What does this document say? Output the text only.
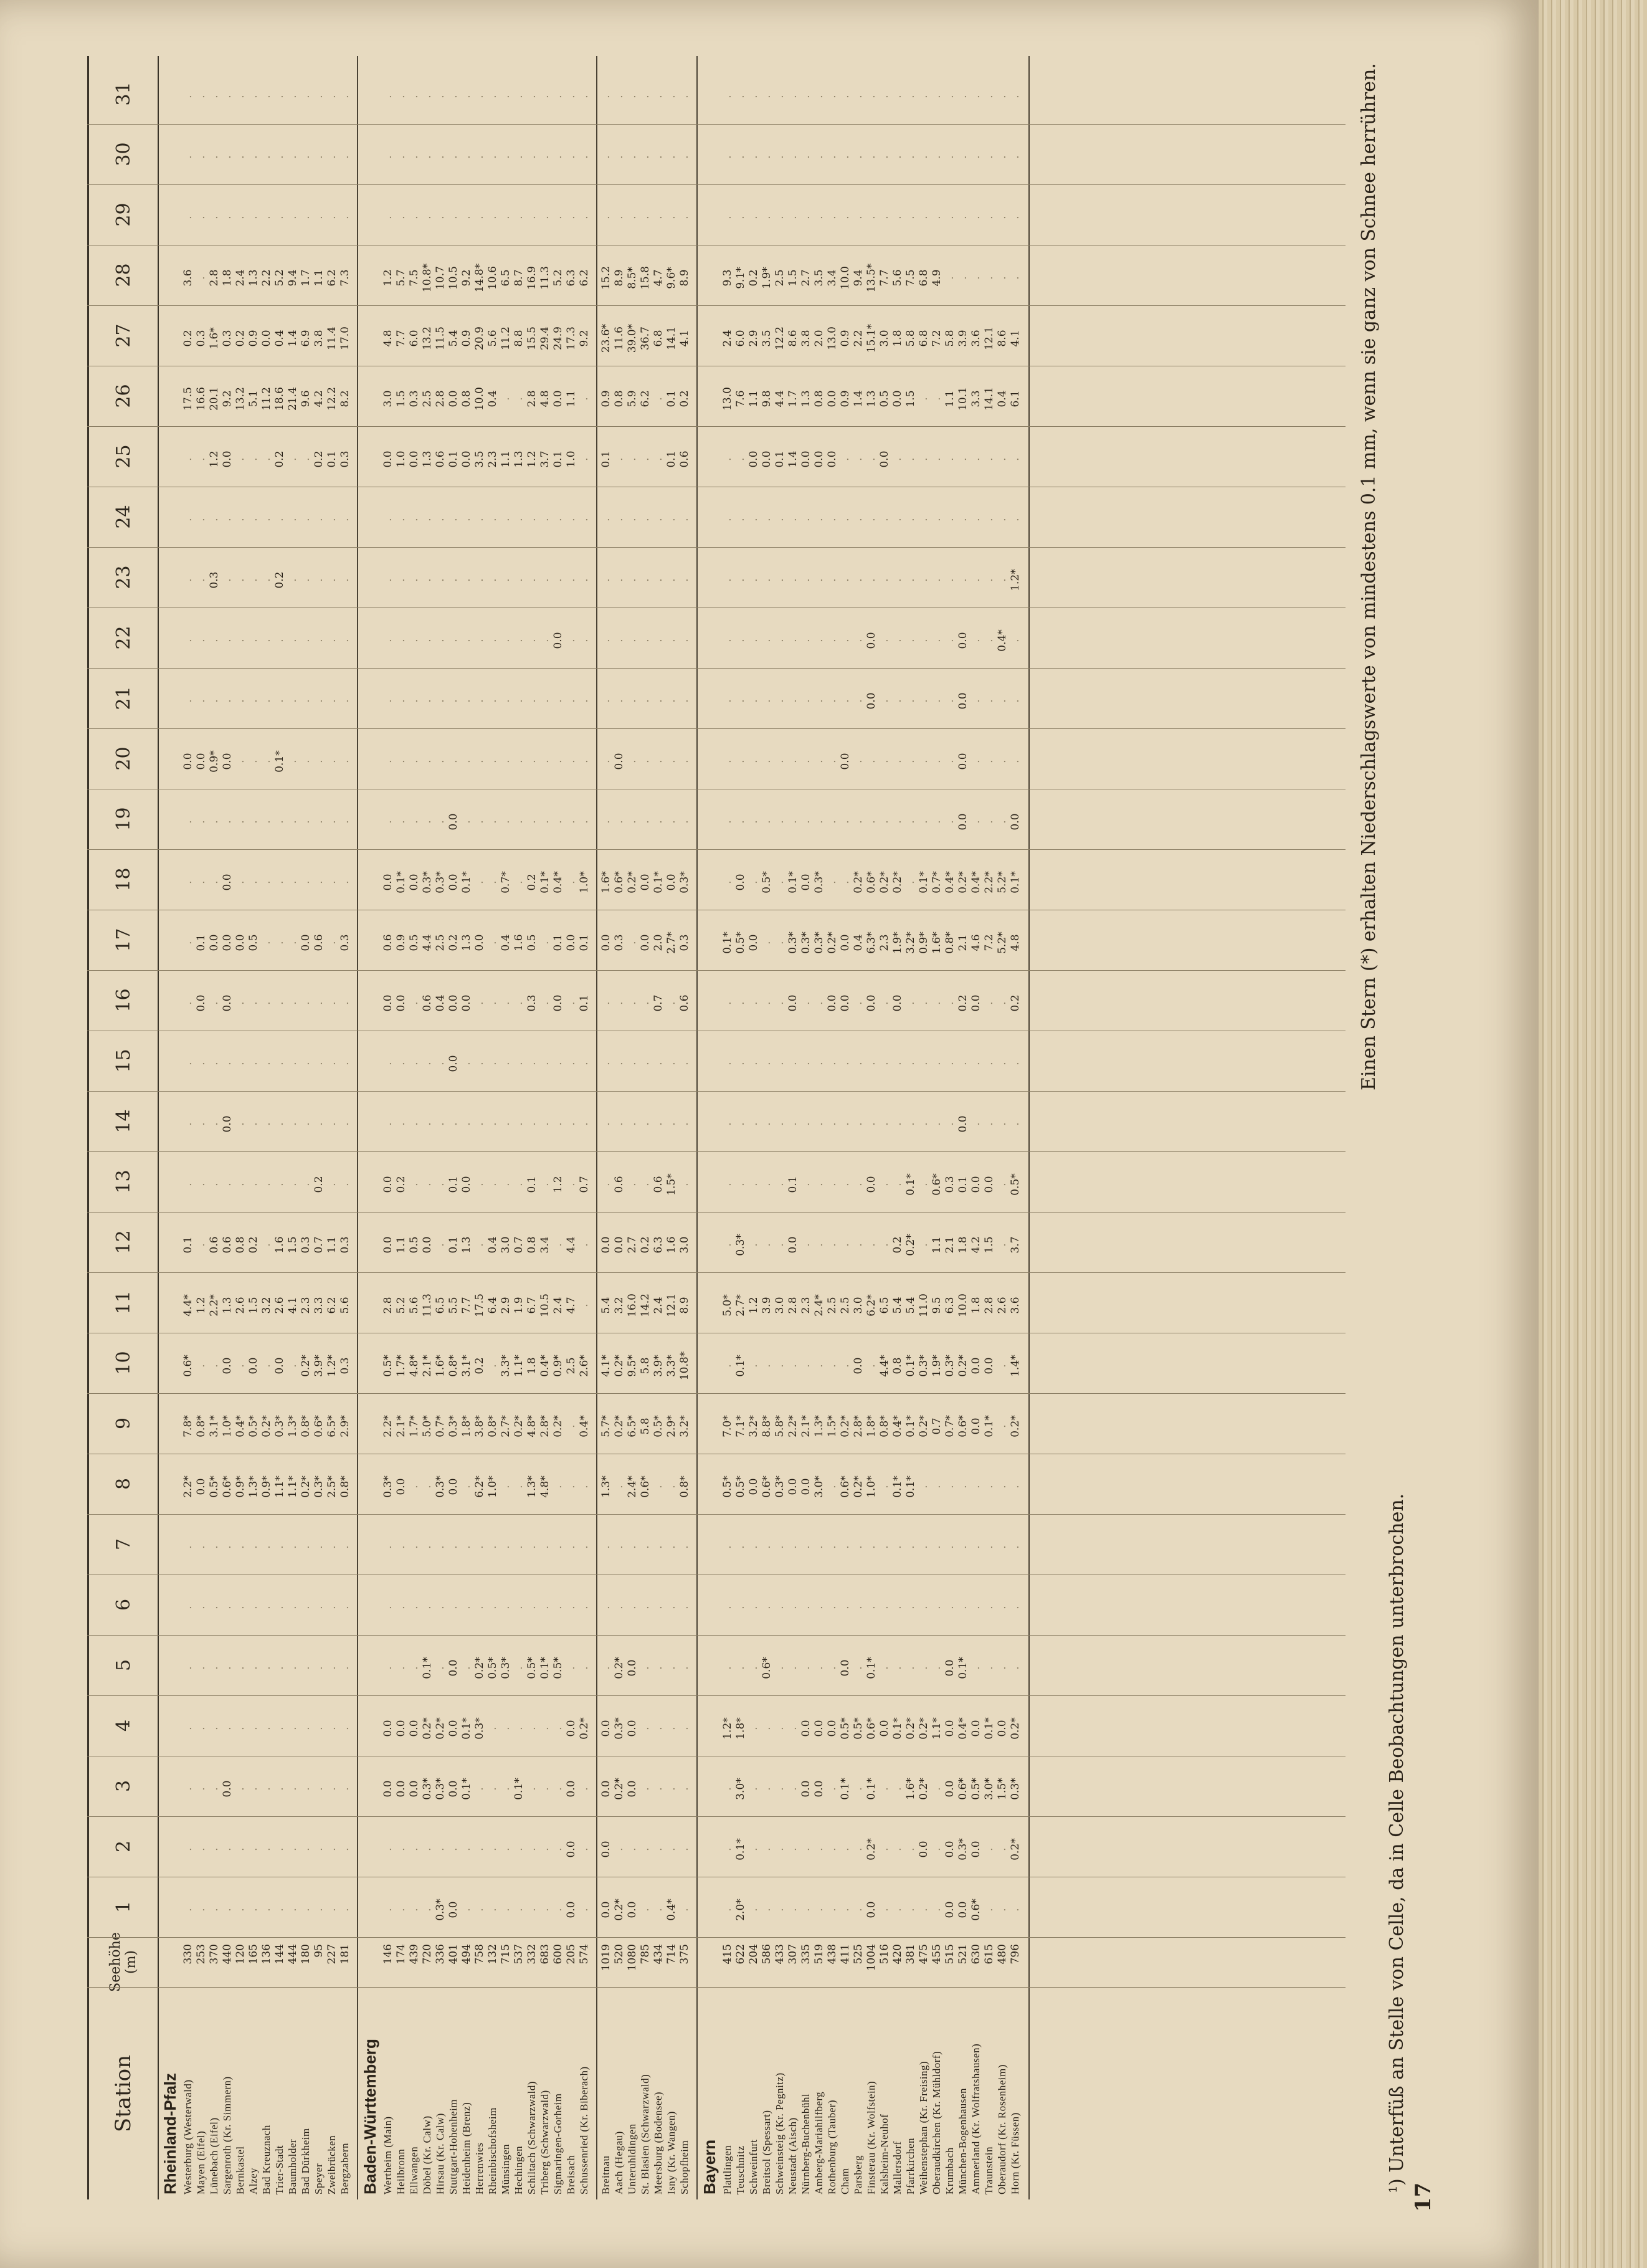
Station
Seehöhe (m)
1
2
3
4
5
6
7
8
9
10
11
12
13
14
15
16
17
18
19
20
21
22
23
24
25
26
27
28
29
30
31
Rheinland-Pfalz Westerburg (Westerwald)
330
.
.
.
.
.
.
.
2.2*
7.8*
0.6*
4.4*
0.1
.
.
.
.
.
.
.
0.0
.
.
.
.
.
17.5
0.2
3.6
.
.
.
Mayen (Eifel)
253
.
.
.
.
.
.
.
0.0
0.8*
.
1.2
.
.
.
.
0.0
0.1
.
.
0.0
.
.
.
.
.
16.6
0.3
.
.
.
.
Lünebach (Eifel)
370
.
.
.
.
.
.
.
0.5*
3.1*
.
2.2*
0.6
.
.
.
.
0.0
.
.
0.9*
.
.
0.3
.
1.2
20.1
1.6*
2.8
.
.
.
Sargenroth (Kr. Simmern)
440
.
.
0.0
.
.
.
.
0.6*
1.0*
0.0
1.3
0.6
.
0.0
.
0.0
0.0
0.0
.
0.0
.
.
.
.
0.0
9.2
0.3
1.8
.
.
.
Bernkastel
120
.
.
.
.
.
.
.
0.9*
0.4*
.
2.6
0.8
.
.
.
.
0.0
.
.
.
.
.
.
.
.
13.2
0.2
2.4
.
.
.
Alzey
165
.
.
.
.
.
.
.
1.3*
0.5*
0.0
1.5
0.2
.
.
.
.
0.5
.
.
.
.
.
.
.
.
5.1
0.9
1.3
.
.
.
Bad Kreuznach
136
.
.
.
.
.
.
.
0.9*
0.2*
.
3.2
.
.
.
.
.
.
.
.
.
.
.
.
.
.
11.2
0.0
2.2
.
.
.
Trier-Stadt
144
.
.
.
.
.
.
.
1.1*
0.3*
0.0
2.6
1.6
.
.
.
.
.
.
.
0.1*
.
.
0.2
.
0.2
18.6
0.4
5.2
.
.
.
Baumholder
444
.
.
.
.
.
.
.
1.1*
1.3*
.
4.1
1.5
.
.
.
.
.
.
.
.
.
.
.
.
.
21.4
1.4
9.4
.
.
.
Bad Dürkheim
180
.
.
.
.
.
.
.
0.2*
0.8*
0.2*
2.3
0.3
.
.
.
.
0.0
.
.
.
.
.
.
.
.
9.6
6.9
1.7
.
.
.
Speyer
95
.
.
.
.
.
.
.
0.3*
0.6*
3.9*
3.3
0.7
0.2
.
.
.
0.6
.
.
.
.
.
.
.
0.2
4.2
3.8
1.1
.
.
.
Zweibrücken
227
.
.
.
.
.
.
.
2.5*
6.5*
1.2*
6.2
1.1
.
.
.
.
.
.
.
.
.
.
.
.
0.1
12.2
11.4
6.2
.
.
.
Bergzabern
181
.
.
.
.
.
.
.
0.8*
2.9*
0.3
5.6
0.3
.
.
.
.
0.3
.
.
.
.
.
.
.
0.3
8.2
17.0
7.3
.
.
.
Baden-Württemberg Wertheim (Main)
146
.
.
0.0
0.0
.
.
.
0.3*
2.2*
0.5*
2.8
0.0
0.0
.
.
0.0
0.6
0.0
.
.
.
.
.
.
0.0
3.0
4.8
1.2
.
.
.
Heilbronn
174
.
.
0.0
0.0
.
.
.
0.0
2.1*
1.7*
5.2
1.1
0.2
.
.
0.0
0.9
0.1*
.
.
.
.
.
.
1.0
1.5
7.7
5.7
.
.
.
Ellwangen
439
.
.
0.0
0.0
.
.
.
.
1.7*
4.8*
5.6
0.5
.
.
.
.
0.5
0.0
.
.
.
.
.
.
0.0
0.3
6.0
7.5
.
.
.
Döbel (Kr. Calw)
720
.
.
0.3*
0.2*
0.1*
.
.
.
5.0*
2.1*
11.3
0.0
.
.
.
0.6
4.4
0.3*
.
.
.
.
.
.
1.3
2.5
13.2
10.8*
.
.
.
Hirsau (Kr. Calw)
336
0.3*
.
0.3*
0.2*
.
.
.
0.3*
0.7*
1.6*
6.5
.
.
.
.
0.4
2.5
0.3*
.
.
.
.
.
.
0.6
2.8
11.5
10.7
.
.
.
Stuttgart-Hohenheim
401
0.0
.
0.0
0.0
0.0
.
.
0.0
0.3*
0.8*
5.5
0.1
0.1
.
0.0
0.0
0.2
0.0
0.0
.
.
.
.
.
0.1
0.0
5.4
10.5
.
.
.
Heidenheim (Brenz)
494
.
.
0.1*
0.1*
.
.
.
.
1.8*
3.1*
7.7
1.3
0.0
.
.
0.0
1.3
0.1*
.
.
.
.
.
.
0.0
0.8
0.9
9.2
.
.
.
Herrenwies
758
.
.
.
0.3*
0.2*
.
.
6.2*
3.8*
0.2
17.5
.
.
.
.
.
0.0
.
.
.
.
.
.
.
3.5
10.0
20.9
14.8*
.
.
.
Rheinbischofsheim
132
.
.
.
.
0.5*
.
.
1.0*
0.8*
.
6.4
0.4
.
.
.
.
.
.
.
.
.
.
.
.
2.3
0.4
5.6
10.6
.
.
.
Münsingen
715
.
.
.
.
0.3*
.
.
.
2.7*
3.3*
2.9
3.0
.
.
.
.
0.4
0.7*
.
.
.
.
.
.
1.1
.
11.2
6.5
.
.
.
Hechingen
537
.
.
0.1*
.
.
.
.
.
0.2*
1.1*
1.9
0.7
.
.
.
.
1.6
.
.
.
.
.
.
.
1.3
.
8.8
8.7
.
.
.
Schiltach (Schwarzwald)
332
.
.
.
.
0.5*
.
.
1.3*
4.8*
1.8
6.7
0.8
0.1
.
.
0.3
0.5
0.2
.
.
.
.
.
.
1.2
2.8
15.5
16.9
.
.
.
Triberg (Schwarzwald)
683
.
.
.
.
0.1*
.
.
4.8*
2.8*
0.4*
10.5
3.4
.
.
.
.
.
0.1*
.
.
.
.
.
.
3.7
4.8
29.4
11.3
.
.
.
Sigmaringen-Gorheim
600
.
.
.
.
0.5*
.
.
.
0.2*
0.9*
2.4
.
1.2
.
.
0.0
0.1
0.4*
.
.
.
0.0
.
.
0.1
0.0
24.9
5.2
.
.
.
Breisach
205
0.0
0.0
0.0
0.0
.
.
.
.
.
2.5
4.7
4.4
.
.
.
.
0.0
.
.
.
.
.
.
.
1.0
1.1
17.3
6.3
.
.
.
Schussenried (Kr. Biberach)
574
.
.
.
0.2*
.
.
.
.
0.4*
2.6*
.
.
0.7
.
.
0.1
0.1
1.0*
.
.
.
.
.
.
.
.
9.2
6.2
.
.
.
Breitnau
1019
0.0
0.0
0.0
0.0
.
.
.
1.3*
5.7*
4.1*
5.4
0.0
.
.
.
.
0.0
1.6*
.
.
.
.
.
.
0.1
0.9
23.6*
15.2
.
.
.
Aach (Hegau)
520
0.2*
.
0.2*
0.3*
0.2*
.
.
.
0.2*
0.2*
3.2
0.0
0.6
.
.
.
0.3
0.6*
.
0.0
.
.
.
.
.
0.8
11.6
8.9
.
.
.
Unteruhldingen
1080
0.0
.
0.0
0.0
0.0
.
.
2.4*
6.5*
9.5*
16.0
2.7
.
.
.
.
.
0.2*
.
.
.
.
.
.
.
5.9
39.0*
8.5*
.
.
.
St. Blasien (Schwarzwald)
785
.
.
.
.
.
.
.
0.6*
5.8
5.8
14.2
0.2
.
.
.
.
0.0
0.0
.
.
.
.
.
.
.
6.2
36.7
15.8
.
.
.
Meersburg (Bodensee)
434
.
.
.
.
.
.
.
.
0.5*
3.9*
2.4
6.3
0.6
.
.
0.7
2.0
0.1*
.
.
.
.
.
.
.
.
6.8
4.7
.
.
.
Isny (Kr. Wangen)
714
0.4*
.
.
.
.
.
.
.
2.9*
3.3*
12.1
1.6
1.5*
.
.
.
2.7*
0.0
.
.
.
.
.
.
0.1
0.1
14.1
9.6*
.
.
.
Schopfheim
375
.
.
.
.
.
.
.
0.8*
3.2*
10.8*
8.9
3.0
.
.
.
0.6
0.3
0.3*
.
.
.
.
.
.
0.6
0.2
4.1
8.9
.
.
.
Bayern Plattlingen
415
.
.
.
1.2*
.
.
.
0.5*
7.0*
.
5.0*
.
.
.
.
.
0.1*
.
.
.
.
.
.
.
.
13.0
2.4
9.3
.
.
.
Teuschnitz
622
2.0*
0.1*
3.0*
1.8*
.
.
.
0.5*
7.1*
0.1*
2.7*
0.3*
.
.
.
.
0.5*
0.0
.
.
.
.
.
.
.
7.6
6.0
9.1*
.
.
.
Schweinfurt
204
.
.
.
.
.
.
.
0.0
3.2*
.
1.2
.
.
.
.
.
0.0
.
.
.
.
.
.
.
0.0
1.1
2.9
0.2
.
.
.
Breitsol (Spessart)
586
.
.
.
.
0.6*
.
.
0.6*
8.8*
.
3.9
.
.
.
.
.
.
0.5*
.
.
.
.
.
.
0.0
9.8
3.5
1.9*
.
.
.
Schweinsteig (Kr. Pegnitz)
433
.
.
.
.
.
.
.
0.3*
5.8*
.
3.0
.
.
.
.
.
.
.
.
.
.
.
.
.
0.1
4.4
12.2
2.5
.
.
.
Neustadt (Aisch)
307
.
.
.
.
.
.
.
0.0
2.2*
.
2.8
0.0
0.1
.
.
0.0
0.3*
0.1*
.
.
.
.
.
.
1.4
1.7
8.6
1.5
.
.
.
Nürnberg-Buchenbühl
335
.
.
0.0
0.0
.
.
.
0.0
2.1*
.
2.3
.
.
.
.
.
0.3*
0.0
.
.
.
.
.
.
0.0
1.3
3.8
2.7
.
.
.
Amberg-Mariahilfberg
519
.
.
0.0
0.0
.
.
.
3.0*
1.3*
.
2.4*
.
.
.
.
.
0.3*
0.3*
.
.
.
.
.
.
0.0
0.8
2.0
3.5
.
.
.
Rothenburg (Tauber)
438
.
.
.
0.0
.
.
.
.
1.5*
.
2.5
.
.
.
.
0.0
0.2*
.
.
.
.
.
.
.
0.0
0.0
13.0
3.4
.
.
.
Cham
411
.
.
0.1*
0.5*
0.0
.
.
0.6*
0.2*
.
2.5
.
.
.
.
0.0
0.0
.
.
0.0
.
.
.
.
.
0.9
0.9
10.0
.
.
.
Parsberg
525
.
.
.
0.5*
.
.
.
0.2*
2.8*
0.0
3.0
.
.
.
.
.
0.4
0.2*
.
.
.
.
.
.
.
1.4
2.2
9.4
.
.
.
Finsterau (Kr. Wolfstein)
1004
0.0
0.2*
0.1*
0.6*
0.1*
.
.
1.0*
1.8*
.
6.2*
.
0.0
.
.
0.0
6.3*
0.6*
.
.
0.0
0.0
.
.
.
1.3
15.1*
13.5*
.
.
.
Kalsheim-Neuhof
516
.
.
.
0.0
.
.
.
.
0.8*
4.4*
6.5
.
.
.
.
.
2.3
0.2*
.
.
.
.
.
.
0.0
0.5
3.0
7.7
.
.
.
Mallersdorf
420
.
.
.
0.1*
.
.
.
0.1*
0.4*
0.8
5.4
0.2
.
.
.
0.0
1.9*
0.2*
.
.
.
.
.
.
.
0.0
1.8
5.6
.
.
.
Pfarrkirchen
381
.
.
1.6*
0.2*
.
.
.
0.1*
0.1*
0.1*
5.4
0.2*
0.1*
.
.
.
3.2*
.
.
.
.
.
.
.
.
1.5
5.8
7.5
.
.
.
Weihenstephan (Kr. Freising)
475
.
0.0
0.2*
0.2*
.
.
.
.
0.2*
0.3*
11.0
.
.
.
.
.
0.9*
0.1*
.
.
.
.
.
.
.
.
6.8
6.8
.
.
.
Oberaudkirchen (Kr. Mühldorf)
455
.
.
.
1.1*
.
.
.
.
0.7
1.9*
9.5
1.1
0.6*
.
.
.
1.6*
0.7*
.
.
.
.
.
.
.
.
7.2
4.9
.
.
.
Krumbach
515
0.0
0.0
0.0
0.0
0.0
.
.
.
0.7*
0.3*
6.3
2.1
0.3
.
.
.
0.8*
0.4*
.
.
.
.
.
.
.
1.1
5.8
.
.
.
.
München-Bogenhausen
521
0.0
0.3*
0.6*
0.4*
0.1*
.
.
.
0.6*
0.2*
10.0
1.8
0.1
0.0
.
0.2
2.1
0.2*
0.0
0.0
0.0
0.0
.
.
.
10.1
3.9
.
.
.
.
Ammerland (Kr. Wolfratshausen)
630
0.6*
0.0
0.5*
0.0
.
.
.
.
0.0
0.0
1.8
4.2
0.0
.
.
0.0
4.6
0.4*
.
.
.
.
.
.
.
3.3
3.6
.
.
.
.
Traunstein
615
.
.
3.0*
0.1*
.
.
.
.
0.1*
0.0
2.8
1.5
0.0
.
.
.
7.2
2.2*
.
.
.
.
.
.
.
14.1
12.1
.
.
.
.
Oberaudorf (Kr. Rosenheim)
480
.
.
1.5*
0.0
.
.
.
.
.
.
2.6
.
.
.
.
.
5.2*
5.2*
.
.
.
0.4*
.
.
.
0.4
8.6
.
.
.
.
Horn (Kr. Füssen)
796
.
0.2*
0.3*
0.2*
.
.
.
.
0.2*
1.4*
3.6
3.7
0.5*
.
.
0.2
4.8
0.1*
0.0
.
.
.
1.2*
.
.
6.1
4.1
.
.
.
.
¹) Unterfüß an Stelle von Celle, da in Celle Beobachtungen unterbrochen.
Einen Stern (*) erhalten Niederschlagswerte von mindestens 0.1 mm, wenn sie ganz von Schnee herrühren.
17
